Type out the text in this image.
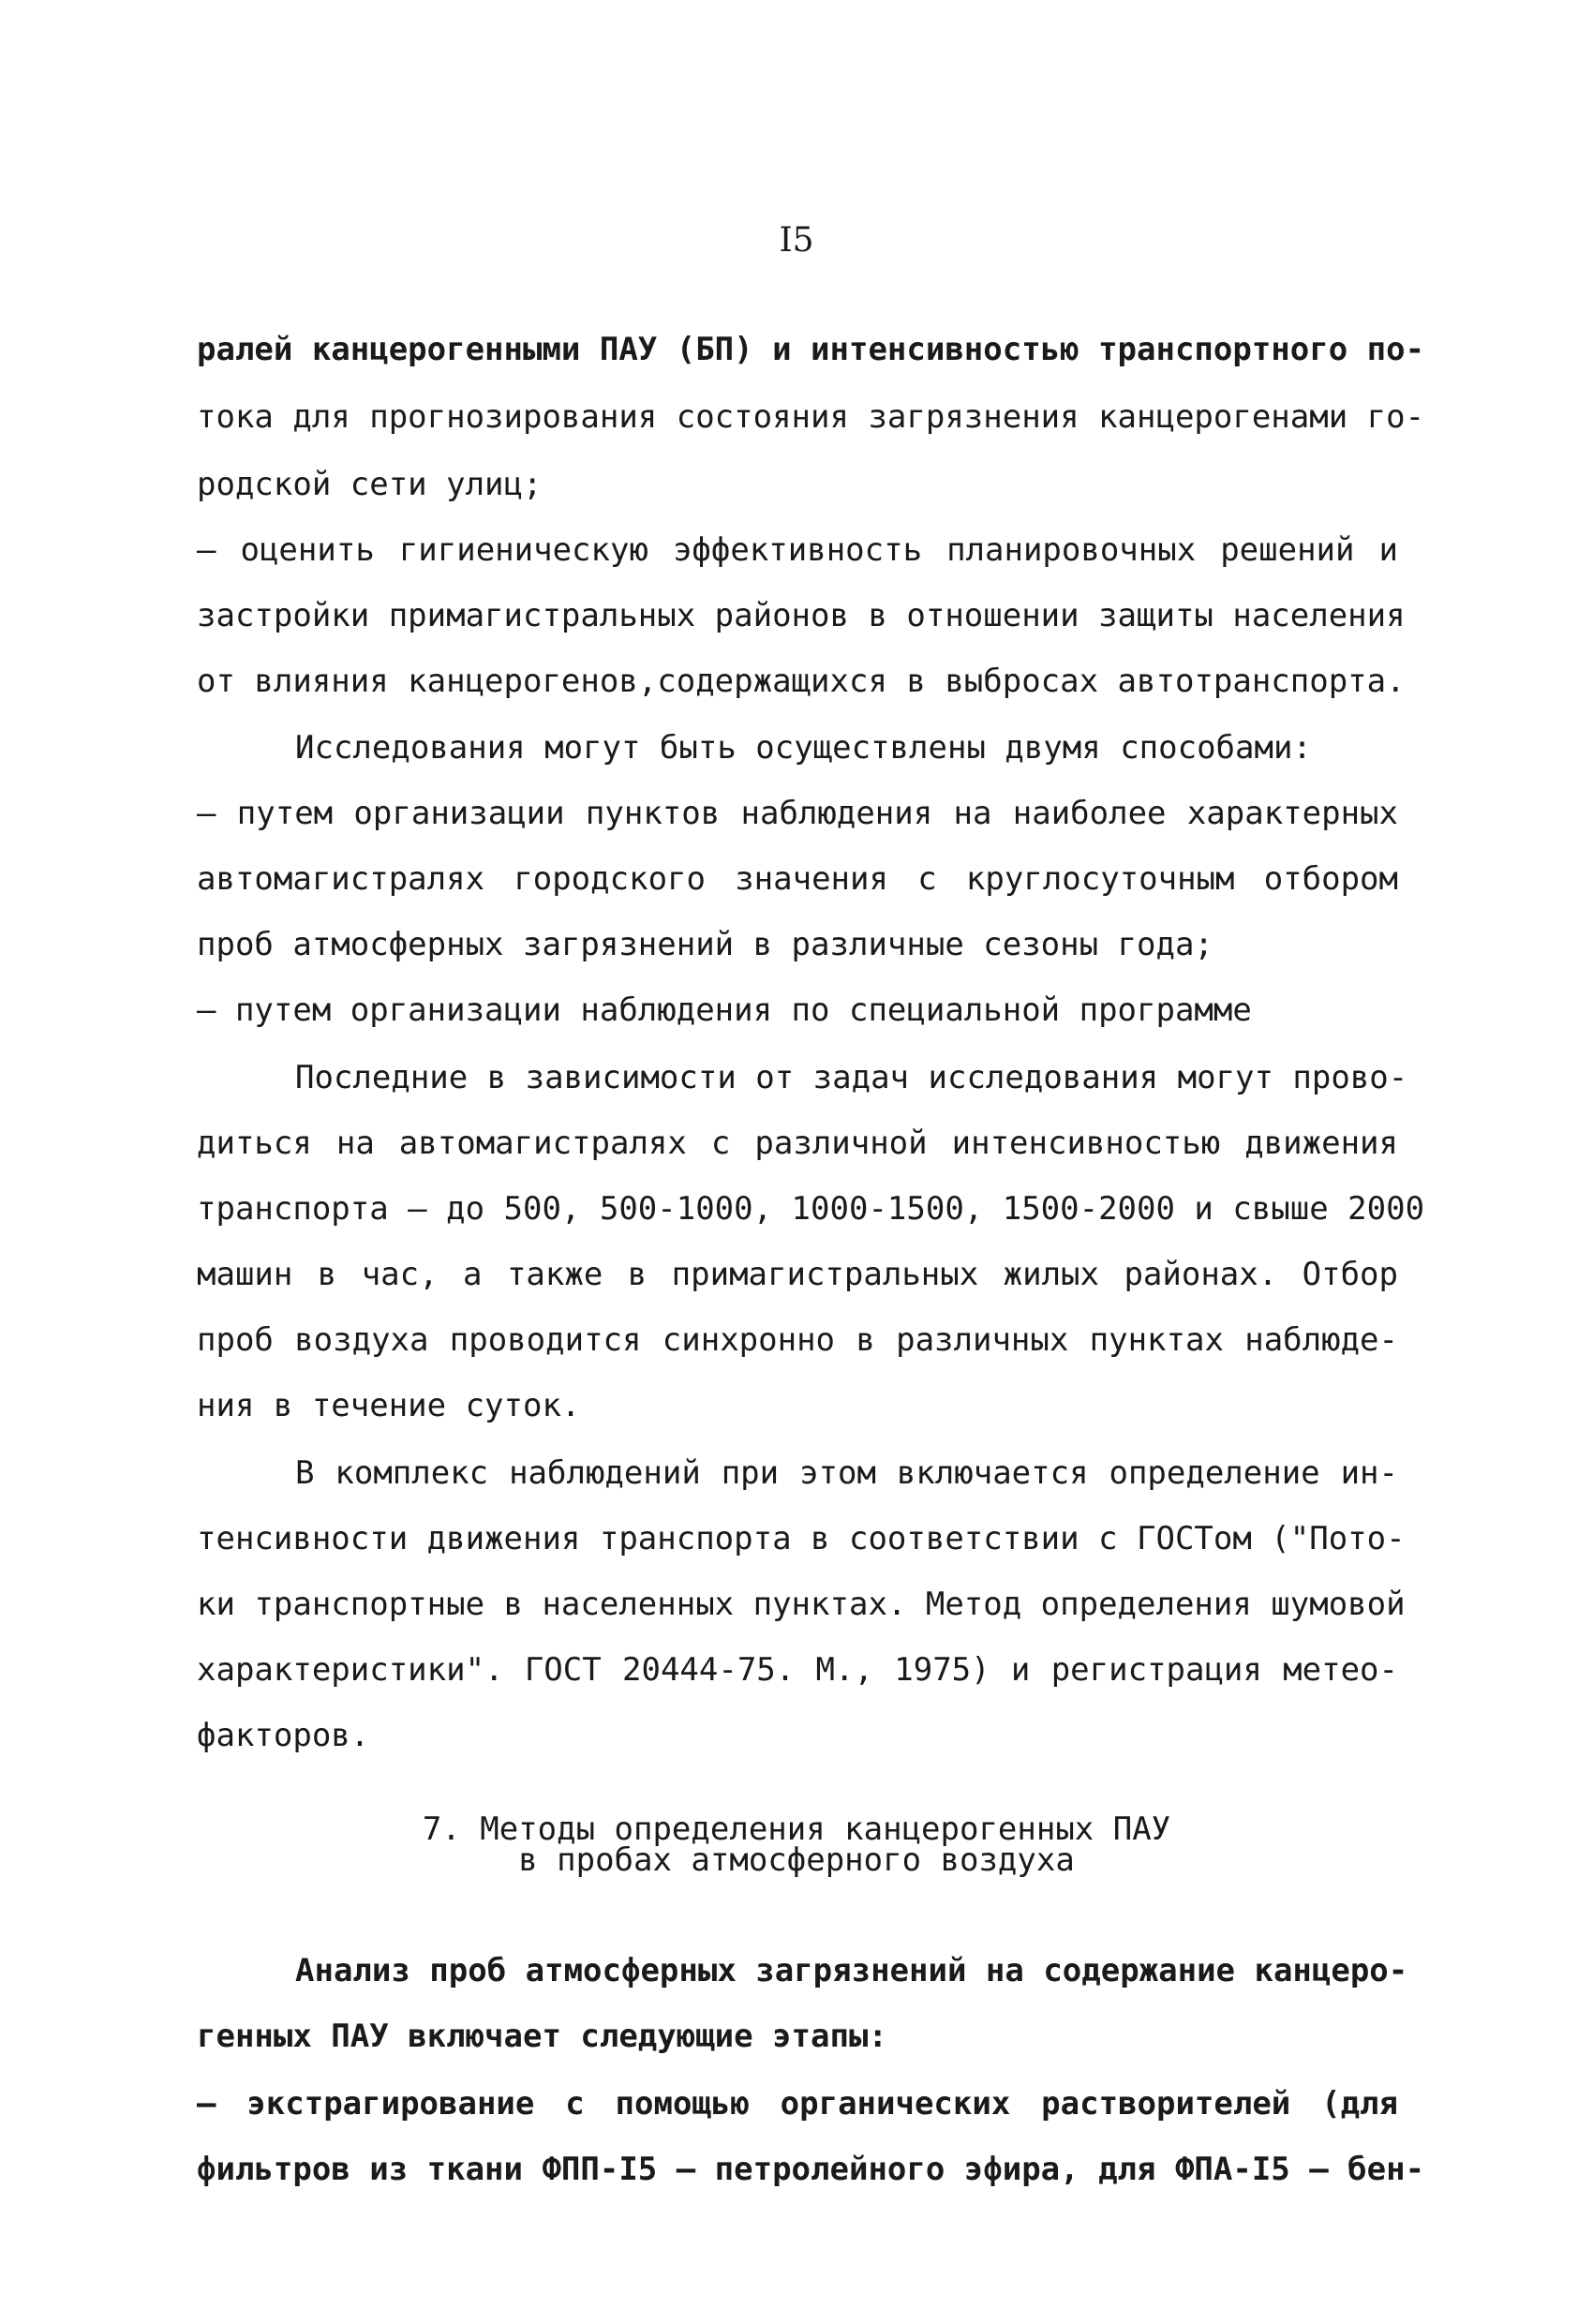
I5
ралей канцерогенными ПАУ (БП) и интенсивностью транспортного по-
тока для прогнозирования состояния загрязнения канцерогенами го-
родской сети улиц;
– оценить гигиеническую эффективность планировочных решений и
застройки примагистральных районов в отношении защиты населения
от влияния канцерогенов,содержащихся в выбросах автотранспорта.
Исследования могут быть осуществлены двумя способами:
– путем организации пунктов наблюдения на наиболее характерных
автомагистралях городского значения с круглосуточным отбором
проб атмосферных загрязнений в различные сезоны года;
– путем организации наблюдения по специальной программе
Последние в зависимости от задач исследования могут прово-
диться на автомагистралях с различной интенсивностью движения
транспорта – до 500, 500-1000, 1000-1500, 1500-2000 и свыше 2000
машин в час, а также в примагистральных жилых районах. Отбор
проб воздуха проводится синхронно в различных пунктах наблюде-
ния в течение суток.
В комплекс наблюдений при этом включается определение ин-
тенсивности движения транспорта в соответствии с ГОСТом ("Пото-
ки транспортные в населенных пунктах. Метод определения шумовой
характеристики". ГОСТ 20444-75. М., 1975) и регистрация метео-
факторов.
7. Методы определения канцерогенных ПАУ
в пробах атмосферного воздуха
Анализ проб атмосферных загрязнений на содержание канцеро-
генных ПАУ включает следующие этапы:
– экстрагирование с помощью органических растворителей (для
фильтров из ткани ФПП-I5 – петролейного эфира, для ФПА-I5 – бен-
